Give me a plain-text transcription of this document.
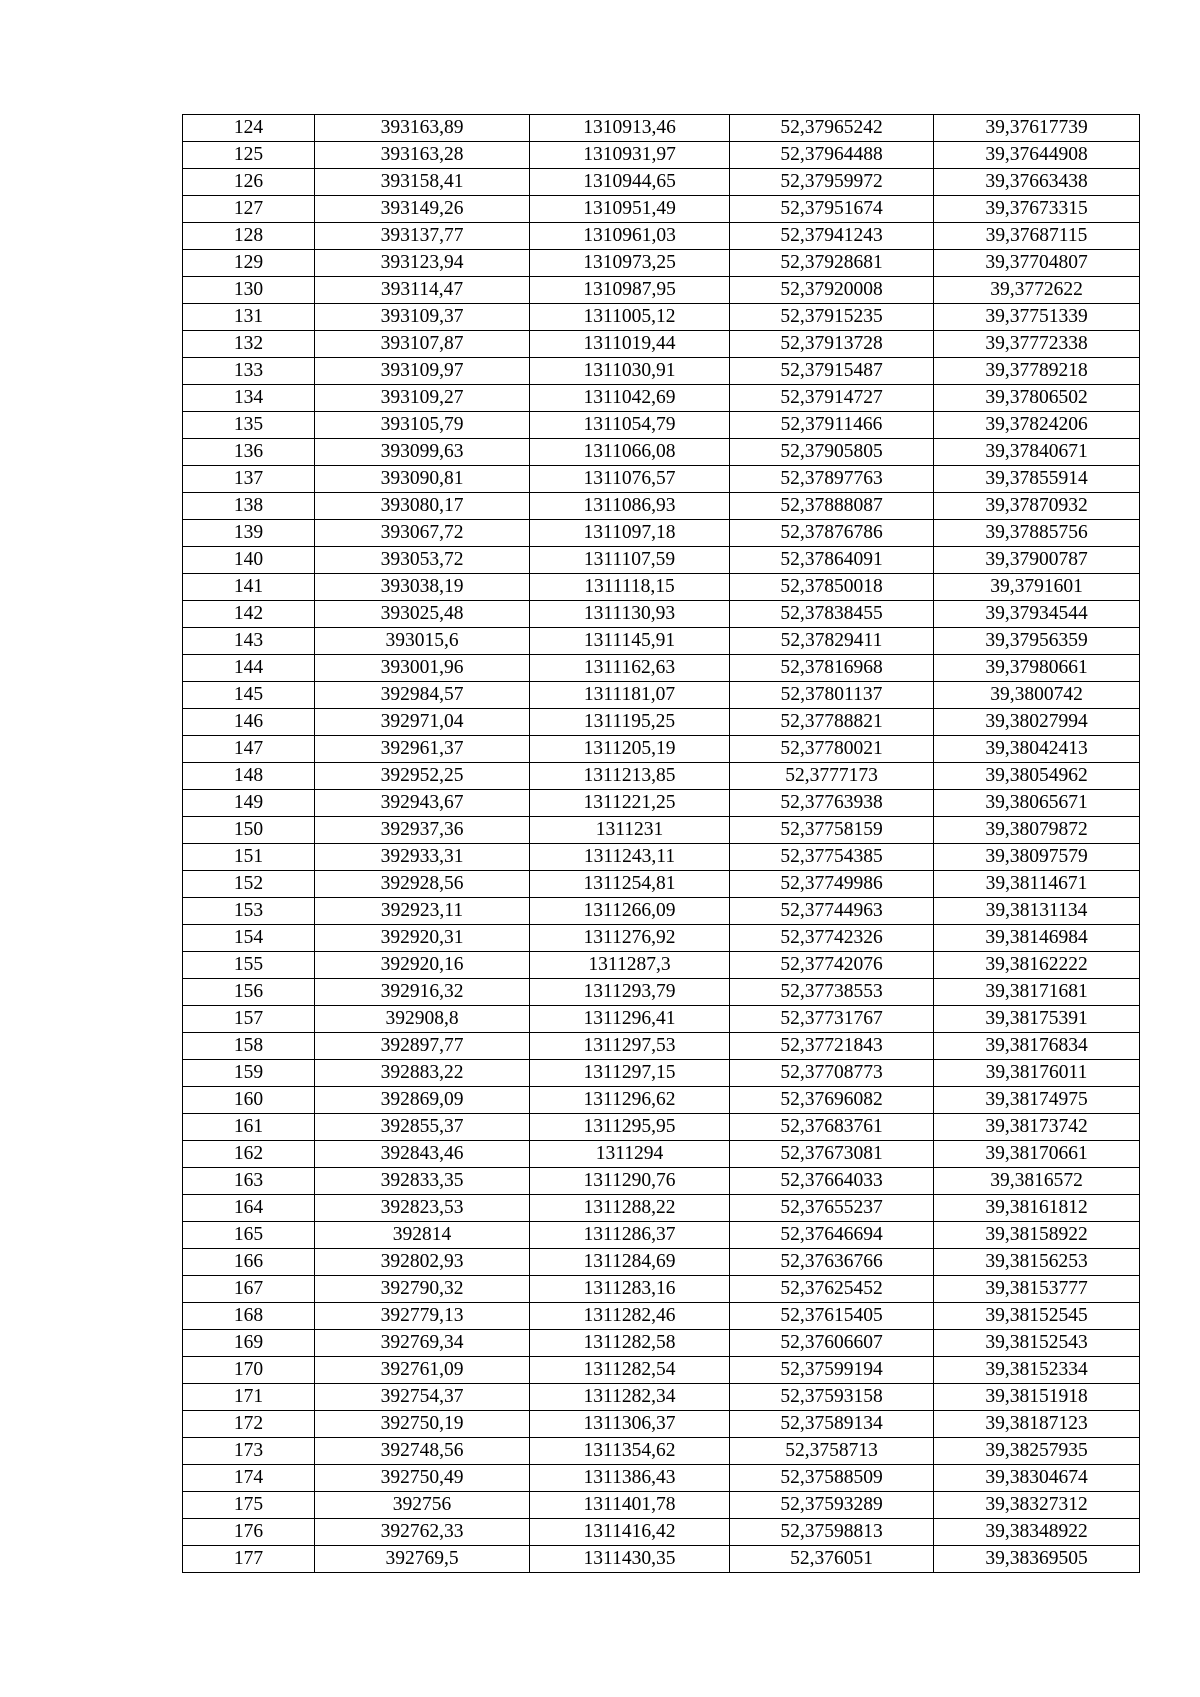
124	393163,89	1310913,46	52,37965242	39,37617739
125	393163,28	1310931,97	52,37964488	39,37644908
126	393158,41	1310944,65	52,37959972	39,37663438
127	393149,26	1310951,49	52,37951674	39,37673315
128	393137,77	1310961,03	52,37941243	39,37687115
129	393123,94	1310973,25	52,37928681	39,37704807
130	393114,47	1310987,95	52,37920008	39,3772622
131	393109,37	1311005,12	52,37915235	39,37751339
132	393107,87	1311019,44	52,37913728	39,37772338
133	393109,97	1311030,91	52,37915487	39,37789218
134	393109,27	1311042,69	52,37914727	39,37806502
135	393105,79	1311054,79	52,37911466	39,37824206
136	393099,63	1311066,08	52,37905805	39,37840671
137	393090,81	1311076,57	52,37897763	39,37855914
138	393080,17	1311086,93	52,37888087	39,37870932
139	393067,72	1311097,18	52,37876786	39,37885756
140	393053,72	1311107,59	52,37864091	39,37900787
141	393038,19	1311118,15	52,37850018	39,3791601
142	393025,48	1311130,93	52,37838455	39,37934544
143	393015,6	1311145,91	52,37829411	39,37956359
144	393001,96	1311162,63	52,37816968	39,37980661
145	392984,57	1311181,07	52,37801137	39,3800742
146	392971,04	1311195,25	52,37788821	39,38027994
147	392961,37	1311205,19	52,37780021	39,38042413
148	392952,25	1311213,85	52,3777173	39,38054962
149	392943,67	1311221,25	52,37763938	39,38065671
150	392937,36	1311231	52,37758159	39,38079872
151	392933,31	1311243,11	52,37754385	39,38097579
152	392928,56	1311254,81	52,37749986	39,38114671
153	392923,11	1311266,09	52,37744963	39,38131134
154	392920,31	1311276,92	52,37742326	39,38146984
155	392920,16	1311287,3	52,37742076	39,38162222
156	392916,32	1311293,79	52,37738553	39,38171681
157	392908,8	1311296,41	52,37731767	39,38175391
158	392897,77	1311297,53	52,37721843	39,38176834
159	392883,22	1311297,15	52,37708773	39,38176011
160	392869,09	1311296,62	52,37696082	39,38174975
161	392855,37	1311295,95	52,37683761	39,38173742
162	392843,46	1311294	52,37673081	39,38170661
163	392833,35	1311290,76	52,37664033	39,3816572
164	392823,53	1311288,22	52,37655237	39,38161812
165	392814	1311286,37	52,37646694	39,38158922
166	392802,93	1311284,69	52,37636766	39,38156253
167	392790,32	1311283,16	52,37625452	39,38153777
168	392779,13	1311282,46	52,37615405	39,38152545
169	392769,34	1311282,58	52,37606607	39,38152543
170	392761,09	1311282,54	52,37599194	39,38152334
171	392754,37	1311282,34	52,37593158	39,38151918
172	392750,19	1311306,37	52,37589134	39,38187123
173	392748,56	1311354,62	52,3758713	39,38257935
174	392750,49	1311386,43	52,37588509	39,38304674
175	392756	1311401,78	52,37593289	39,38327312
176	392762,33	1311416,42	52,37598813	39,38348922
177	392769,5	1311430,35	52,376051	39,38369505
